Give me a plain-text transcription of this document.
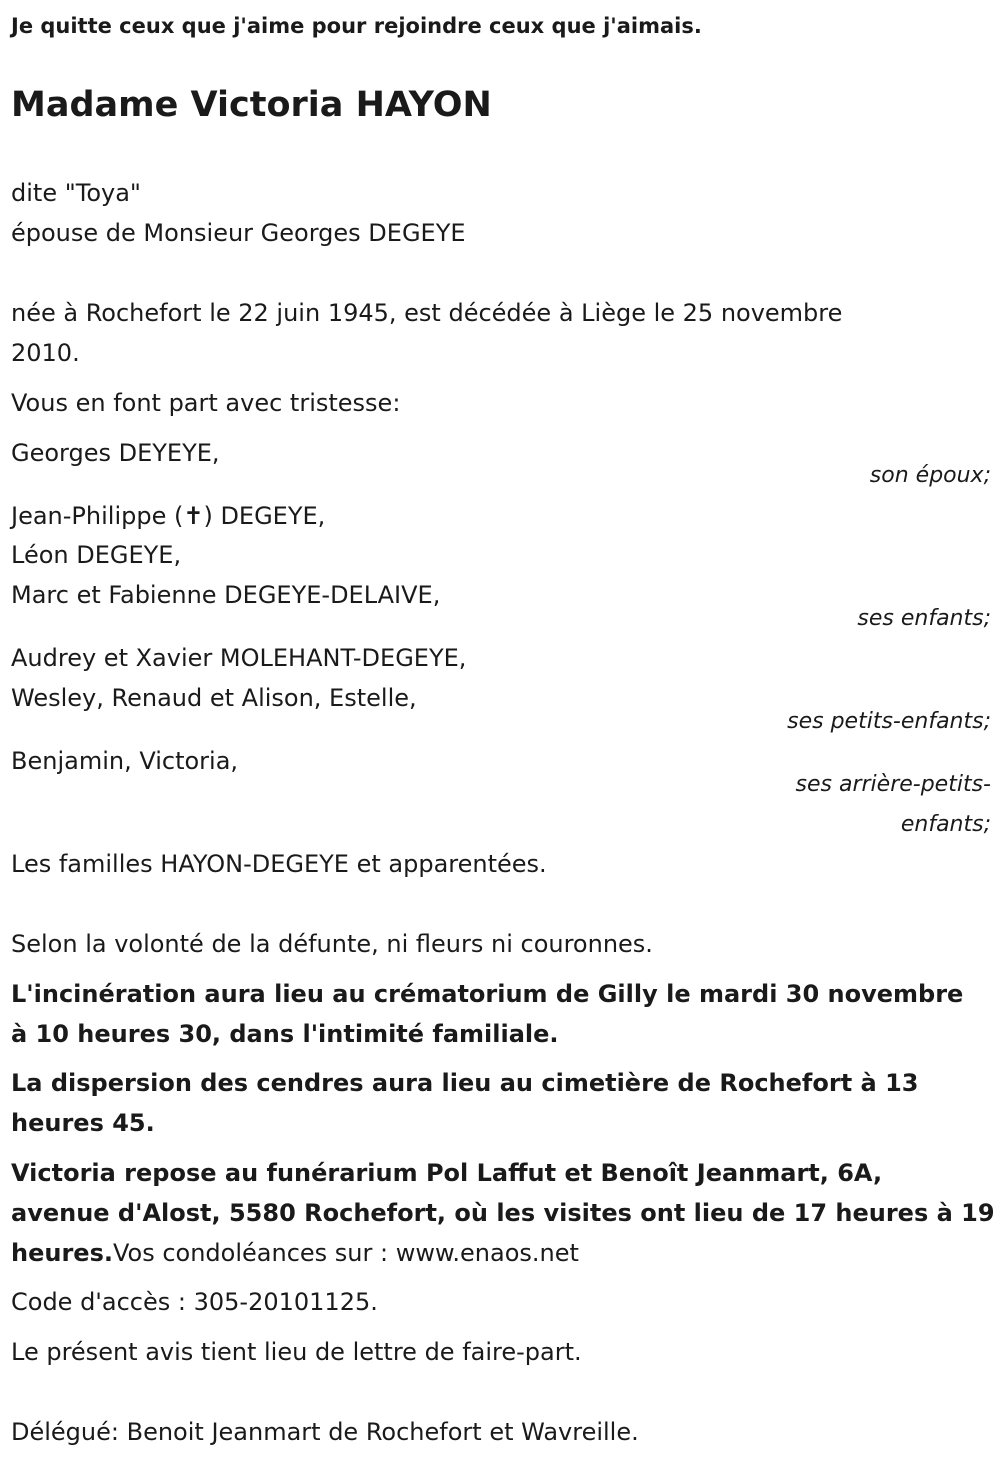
Je quitte ceux que j'aime pour rejoindre ceux que j'aimais.
Madame Victoria HAYON
dite "Toya"
épouse de Monsieur Georges DEGEYE
née à Rochefort le 22 juin 1945, est décédée à Liège le 25 novembre
2010.
Vous en font part avec tristesse:
Georges DEYEYE,
son époux;
Jean-Philippe (✝) DEGEYE,
Léon DEGEYE,
Marc et Fabienne DEGEYE-DELAIVE,
ses enfants;
Audrey et Xavier MOLEHANT-DEGEYE,
Wesley, Renaud et Alison, Estelle,
ses petits-enfants;
Benjamin, Victoria,
ses arrière-petits-
enfants;
Les familles HAYON-DEGEYE et apparentées.
Selon la volonté de la défunte, ni fleurs ni couronnes.
L'incinération aura lieu au crématorium de Gilly le mardi 30 novembre
à 10 heures 30, dans l'intimité familiale.
La dispersion des cendres aura lieu au cimetière de Rochefort à 13
heures 45.
Victoria repose au funérarium Pol Laffut et Benoît Jeanmart, 6A,
avenue d'Alost, 5580 Rochefort, où les visites ont lieu de 17 heures à 19
heures.Vos condoléances sur : www.enaos.net
Code d'accès : 305-20101125.
Le présent avis tient lieu de lettre de faire-part.
Délégué: Benoit Jeanmart de Rochefort et Wavreille.
